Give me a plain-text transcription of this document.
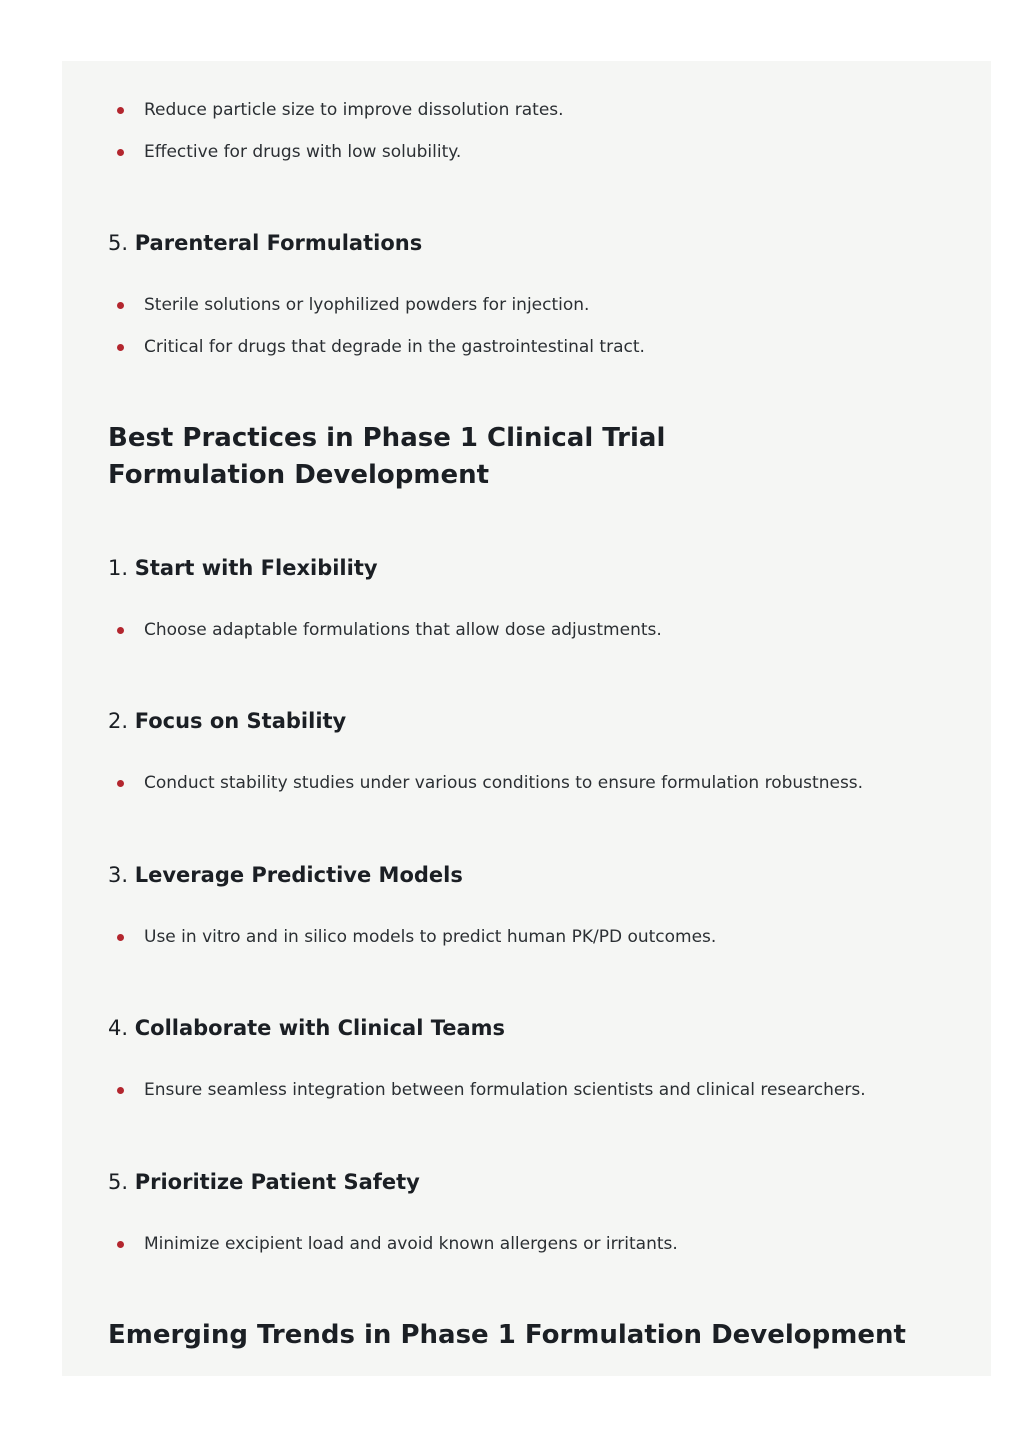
Reduce particle size to improve dissolution rates.
Effective for drugs with low solubility.
5. Parenteral Formulations
Sterile solutions or lyophilized powders for injection.
Critical for drugs that degrade in the gastrointestinal tract.
Best Practices in Phase 1 Clinical Trial Formulation Development
1. Start with Flexibility
Choose adaptable formulations that allow dose adjustments.
2. Focus on Stability
Conduct stability studies under various conditions to ensure formulation robustness.
3. Leverage Predictive Models
Use in vitro and in silico models to predict human PK/PD outcomes.
4. Collaborate with Clinical Teams
Ensure seamless integration between formulation scientists and clinical researchers.
5. Prioritize Patient Safety
Minimize excipient load and avoid known allergens or irritants.
Emerging Trends in Phase 1 Formulation Development
